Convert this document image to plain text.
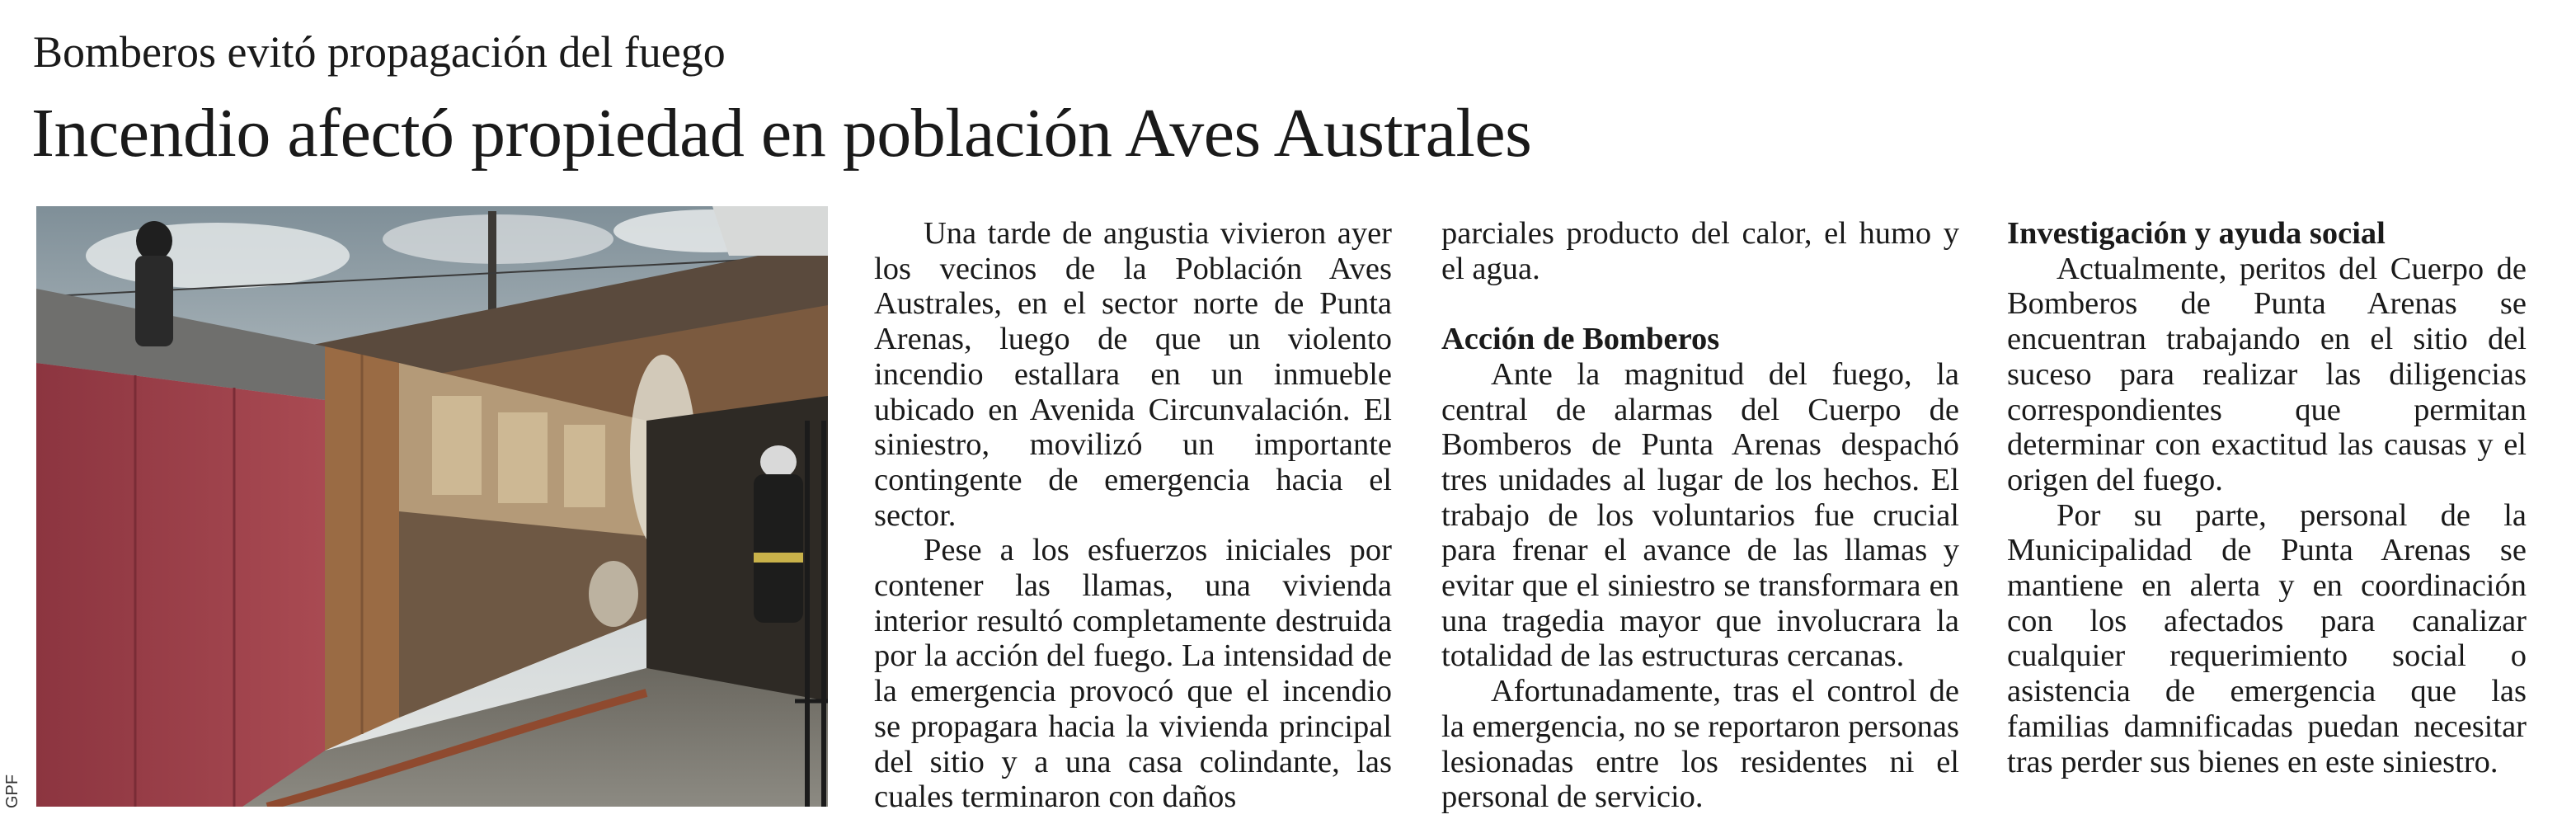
Bomberos evitó propagación del fuego
Incendio afectó propiedad en población Aves Australes
GPF

Una tarde de angustia vivieron ayer los vecinos de la Población Aves Australes, en el sector norte de Punta Arenas, luego de que un violento incendio estallara en un inmueble ubicado en Avenida Circunvalación. El siniestro, movilizó un importante contingente de emergencia hacia el sector.

Pese a los esfuerzos iniciales por contener las llamas, una vivienda interior resultó completamente destruida por la acción del fuego. La intensidad de la emergencia provocó que el incendio se propagara hacia la vivienda principal del sitio y a una casa colindante, las cuales terminaron con daños

parciales producto del calor, el humo y el agua.

Acción de Bomberos

Ante la magnitud del fuego, la central de alarmas del Cuerpo de Bomberos de Punta Arenas despachó tres unidades al lugar de los hechos. El trabajo de los voluntarios fue crucial para frenar el avance de las llamas y evitar que el siniestro se transformara en una tragedia mayor que involucrara la totalidad de las estructuras cercanas.

Afortunadamente, tras el control de la emergencia, no se reportaron personas lesionadas entre los residentes ni el personal de servicio.

Investigación y ayuda social

Actualmente, peritos del Cuerpo de Bomberos de Punta Arenas se encuentran trabajando en el sitio del suceso para realizar las diligencias correspondientes que permitan determinar con exactitud las causas y el origen del fuego.

Por su parte, personal de la Municipalidad de Punta Arenas se mantiene en alerta y en coordinación con los afectados para canalizar cualquier requerimiento social o asistencia de emergencia que las familias damnificadas puedan necesitar tras perder sus bienes en este siniestro.
